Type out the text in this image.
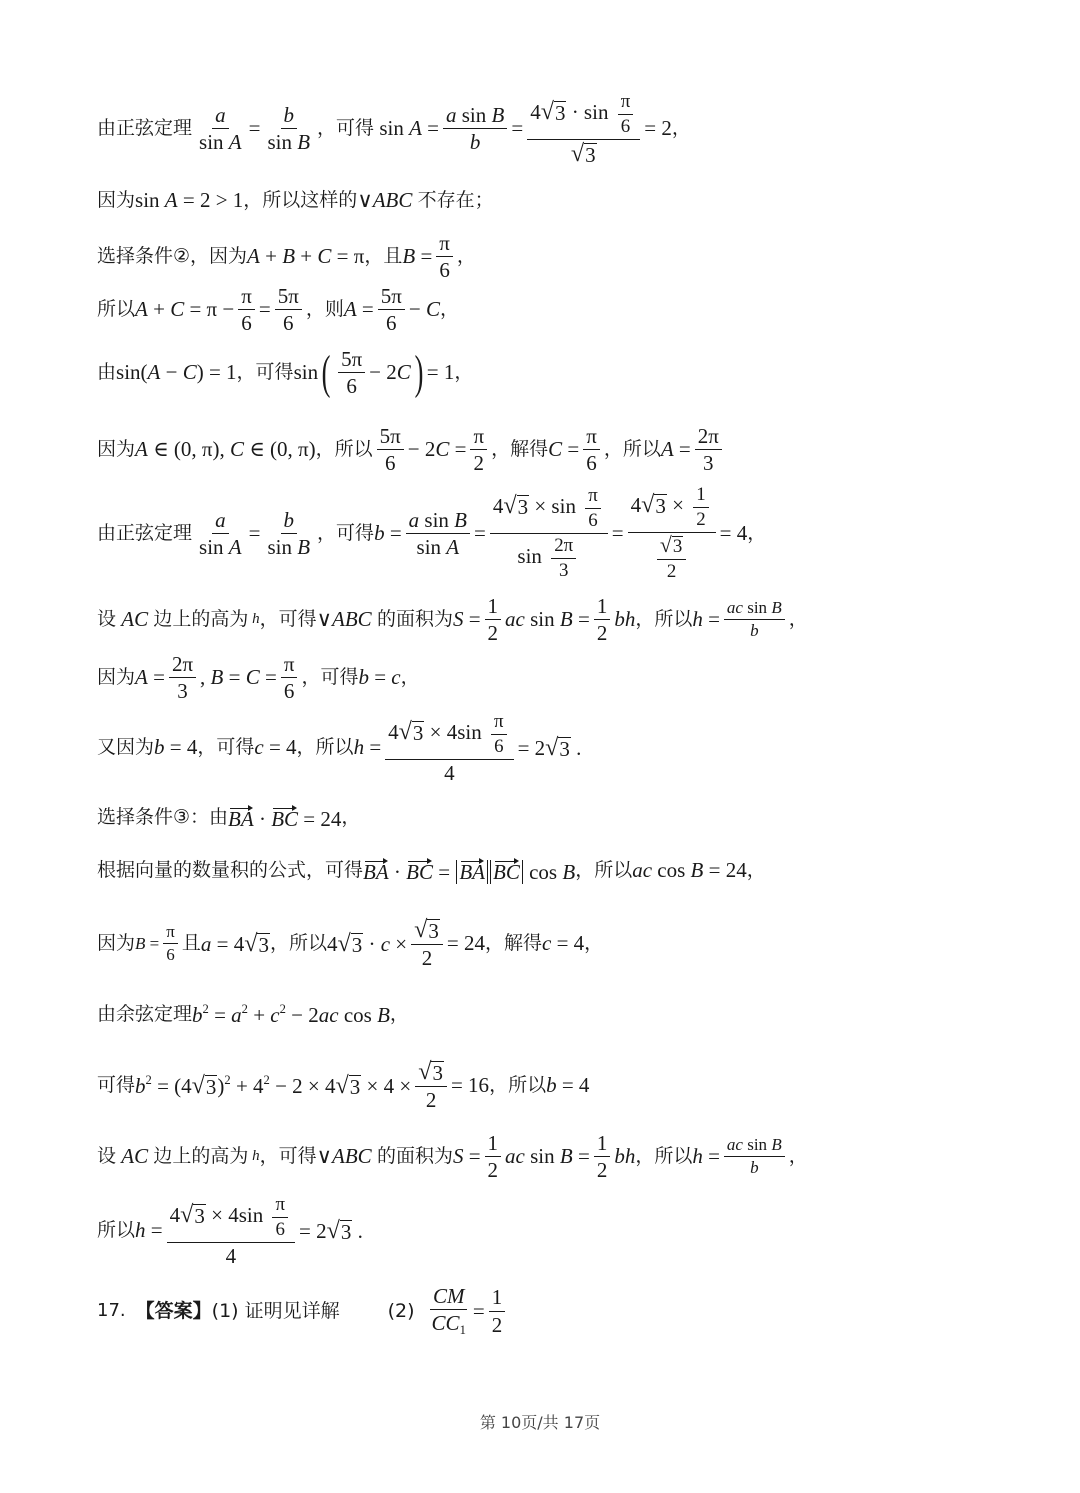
由正弦定理 $\frac{a}{\text{sin A}} = \frac{b}{\text{sin B}}$ ，可得 $\sin A = \frac{\text{a sin B}}{b} = \frac{4 √ 3 \cdot \sin \frac{\pi}{6}}{√ 3} = 2$ ，
因为 sin A = 2 > 1 ，所以这样的 ∨ABC 不存在；
选择条件②，因为 A + B + C = π ，且 $B = \frac{\pi}{6}$ ，
所以 $A + C = \pi - \frac{\pi}{6} = \frac{5\pi}{6}$ ，则 $A = \frac{5\pi}{6} - C$ ，
由 sin(A − C) = 1 ，可得 sin ( $\frac{5\pi}{6} - 2C$ ) = 1 ，
因为 A ∈ (0, π), C ∈ (0, π) ，所以 $\frac{5\pi}{6} - 2C = \frac{\pi}{2}$ ，解得 $C = \frac{\pi}{6}$ ，所以 $A = \frac{2\pi}{3}$
由正弦定理 $\frac{a}{\text{sin A}} = \frac{b}{\text{sin B}}$ ，可得 $b = \frac{\text{a sin B}}{\text{sin A}} = \frac{4 √ 3 \times \sin \frac{\pi}{6}}{\sin \frac{2\pi}{3}} = \frac{4 √ 3 \times \frac{1}{2}}{\frac{√ 3}{2}} = 4$ ，
设 AC 边上的高为 h ，可得 ∨ABC 的面积为 $S = \frac{1}{2}$ ac $\sin B = \frac{1}{2}$ bh ，所以 $h = \frac{\text{ac sin B}}{b}$ ，
因为 $A = \frac{2\pi}{3}$ , $B = C = \frac{\pi}{6}$ ，可得 b = c ，
又因为 b = 4 ，可得 c = 4 ，所以 $h = \frac{4 √ 3 \times 4\sin \frac{\pi}{6}}{4} = 2$ √ 3 .
选择条件③：由 BA · BC = 24 ，
根据向量的数量积的公式，可得 BA · BC = BA BC cos B ，所以 ac cos B = 24 ，
因为 $B = \frac{\pi}{6}$ 且 a = 4 √ 3 ，所以 4 √ $3 \cdot c \times \frac{√ 3}{2} = 24$ ，解得 c = 4 ，
由余弦定理 $b^2 = a^2 + c^2 - 2ac$ cos B ，
可得 $b^2 = (4$ √ 3 )$^2 + 4^2 - 2 \times 4$ √ $3 \times 4 \times \frac{√ 3}{2} = 16$ ，所以 b = 4
设 AC 边上的高为 h ，可得 ∨ABC 的面积为 $S = \frac{1}{2}$ ac $\sin B = \frac{1}{2}$ bh ，所以 $h = \frac{\text{ac sin B}}{b}$ ，
所以 $h = \frac{4 √ 3 \times 4\sin \frac{\pi}{6}}{4} = 2$ √ 3 .
17. 【答案】 (1) 证明见详解	$(2) \frac{CM}{CC_1} = \frac{1}{2}$
第 10页/共 17页
